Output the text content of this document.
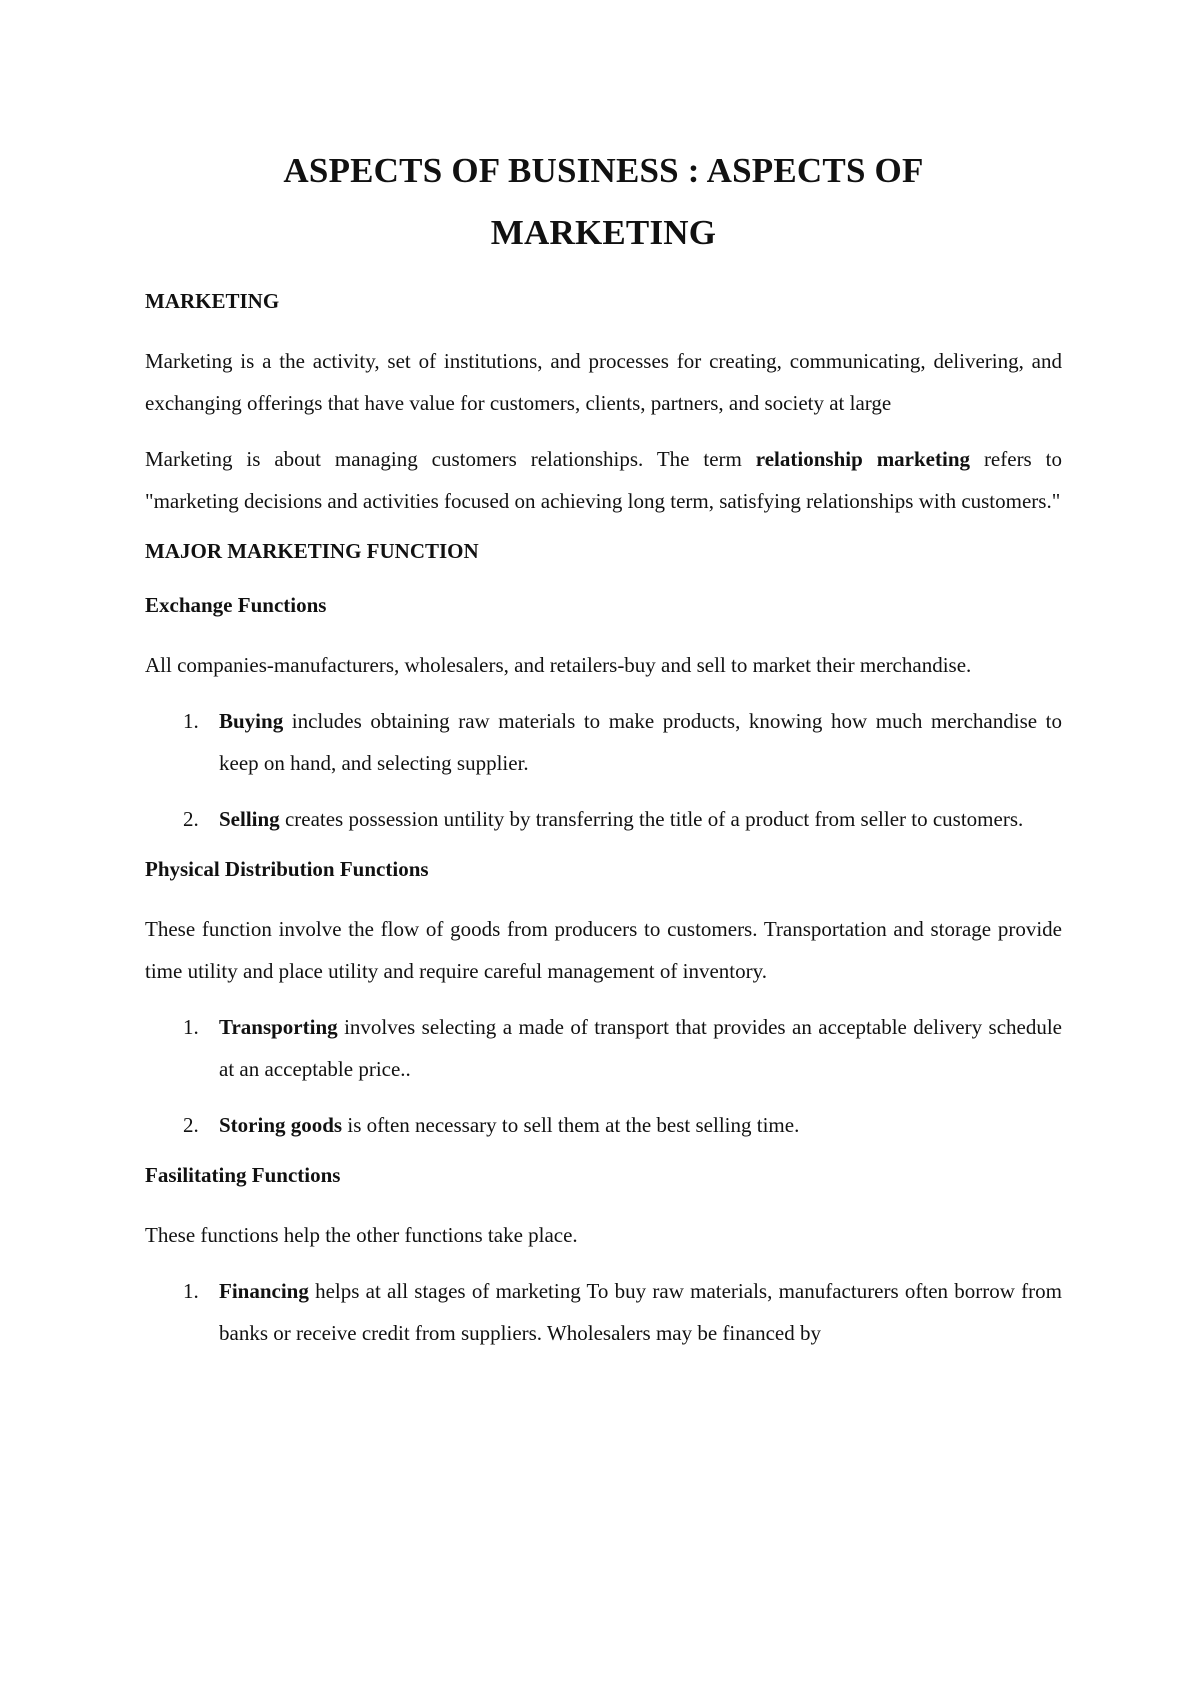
ASPECTS OF BUSINESS : ASPECTS OF
MARKETING
MARKETING

Marketing is a the activity, set of institutions, and processes for creating, communicating, delivering, and exchanging offerings that have value for customers, clients, partners, and society at large

Marketing is about managing customers relationships. The term relationship marketing refers to "marketing decisions and activities focused on achieving long term, satisfying relationships with customers."

MAJOR MARKETING FUNCTION
Exchange Functions

All companies-manufacturers, wholesalers, and retailers-buy and sell to market their merchandise.

1. Buying includes obtaining raw materials to make products, knowing how much merchandise to keep on hand, and selecting supplier.
2. Selling creates possession untility by transferring the title of a product from seller to customers.
Physical Distribution Functions

These function involve the flow of goods from producers to customers. Transportation and storage provide time utility and place utility and require careful management of inventory.

1. Transporting involves selecting a made of transport that provides an acceptable delivery schedule at an acceptable price..
2. Storing goods is often necessary to sell them at the best selling time.
Fasilitating Functions

These functions help the other functions take place.

1. Financing helps at all stages of marketing To buy raw materials, manufacturers often borrow from banks or receive credit from suppliers. Wholesalers may be financed by
